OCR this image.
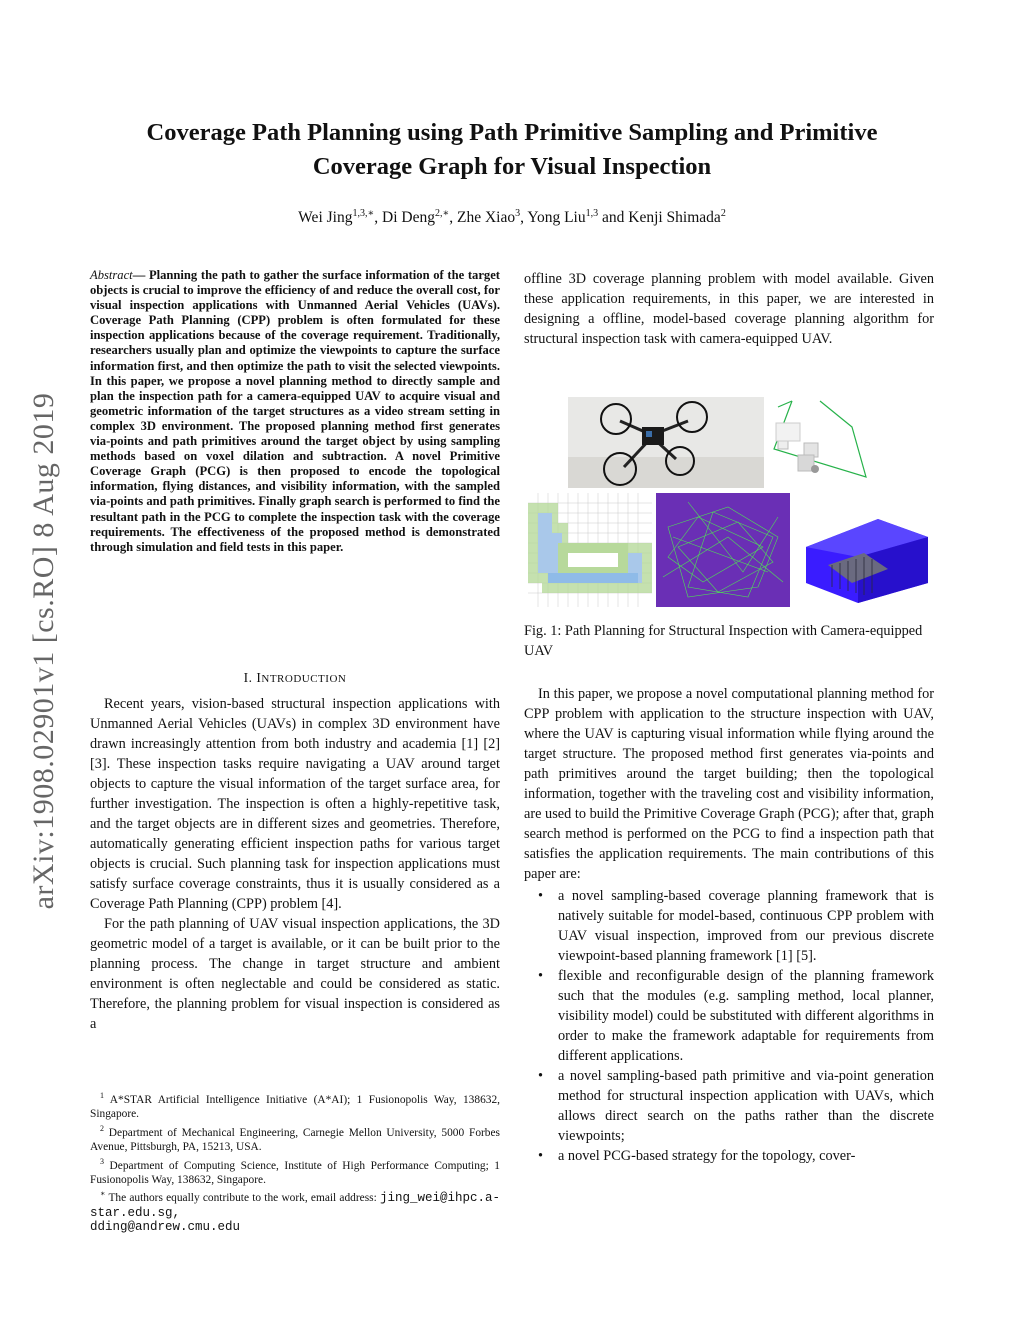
Coverage Path Planning using Path Primitive Sampling and Primitive
Coverage Graph for Visual Inspection
Wei Jing$^{1,3,∗}$, Di Deng$^{2,∗}$, Zhe Xiao$^3$, Yong Liu$^{1,3}$ and Kenji Shimada$^2$
arXiv:1908.02901v1 [cs.RO] 8 Aug 2019

Abstract— Planning the path to gather the surface information of the target objects is crucial to improve the efficiency of and reduce the overall cost, for visual inspection applications with Unmanned Aerial Vehicles (UAVs). Coverage Path Planning (CPP) problem is often formulated for these inspection applications because of the coverage requirement. Traditionally, researchers usually plan and optimize the viewpoints to capture the surface information first, and then optimize the path to visit the selected viewpoints. In this paper, we propose a novel planning method to directly sample and plan the inspection path for a camera-equipped UAV to acquire visual and geometric information of the target structures as a video stream setting in complex 3D environment. The proposed planning method first generates via-points and path primitives around the target object by using sampling methods based on voxel dilation and subtraction. A novel Primitive Coverage Graph (PCG) is then proposed to encode the topological information, flying distances, and visibility information, with the sampled via-points and path primitives. Finally graph search is performed to find the resultant path in the PCG to complete the inspection task with the coverage requirements. The effectiveness of the proposed method is demonstrated through simulation and field tests in this paper.

I. INTRODUCTION

Recent years, vision-based structural inspection applications with Unmanned Aerial Vehicles (UAVs) in complex 3D environment have drawn increasingly attention from both industry and academia [1] [2] [3]. These inspection tasks require navigating a UAV around target objects to capture the visual information of the target surface area, for further investigation. The inspection is often a highly-repetitive task, and the target objects are in different sizes and geometries. Therefore, automatically generating efficient inspection paths for various target objects is crucial. Such planning task for inspection applications must satisfy surface coverage constraints, thus it is usually considered as a Coverage Path Planning (CPP) problem [4].

For the path planning of UAV visual inspection applications, the 3D geometric model of a target is available, or it can be built prior to the planning process. The change in target structure and ambient environment is often neglectable and could be considered as static. Therefore, the planning problem for visual inspection is considered as a

$^1$ A*STAR Artificial Intelligence Initiative (A*AI); 1 Fusionopolis Way, 138632, Singapore.

$^2$ Department of Mechanical Engineering, Carnegie Mellon University, 5000 Forbes Avenue, Pittsburgh, PA, 15213, USA.

$^3$ Department of Computing Science, Institute of High Performance Computing; 1 Fusionopolis Way, 138632, Singapore.

∗ The authors equally contribute to the work, email address: jing_wei@ihpc.a-star.edu.sg,

dding@andrew.cmu.edu

offline 3D coverage planning problem with model available. Given these application requirements, in this paper, we are interested in designing a offline, model-based coverage planning algorithm for structural inspection task with camera-equipped UAV.

Fig. 1: Path Planning for Structural Inspection with Camera-equipped UAV

In this paper, we propose a novel computational planning method for CPP problem with application to the structure inspection with UAV, where the UAV is capturing visual information while flying around the target structure. The proposed method first generates via-points and path primitives around the target building; then the topological information, together with the traveling cost and visibility information, are used to build the Primitive Coverage Graph (PCG); after that, graph search method is performed on the PCG to find a inspection path that satisfies the application requirements. The main contributions of this paper are:

• a novel sampling-based coverage planning framework that is natively suitable for model-based, continuous CPP problem with UAV visual inspection, improved from our previous discrete viewpoint-based planning framework [1] [5].
• flexible and reconfigurable design of the planning framework such that the modules (e.g. sampling method, local planner, visibility model) could be substituted with different algorithms in order to make the framework adaptable for requirements from different applications.
• a novel sampling-based path primitive and via-point generation method for structural inspection application with UAVs, which allows direct search on the paths rather than the discrete viewpoints;
• a novel PCG-based strategy for the topology, cover-
